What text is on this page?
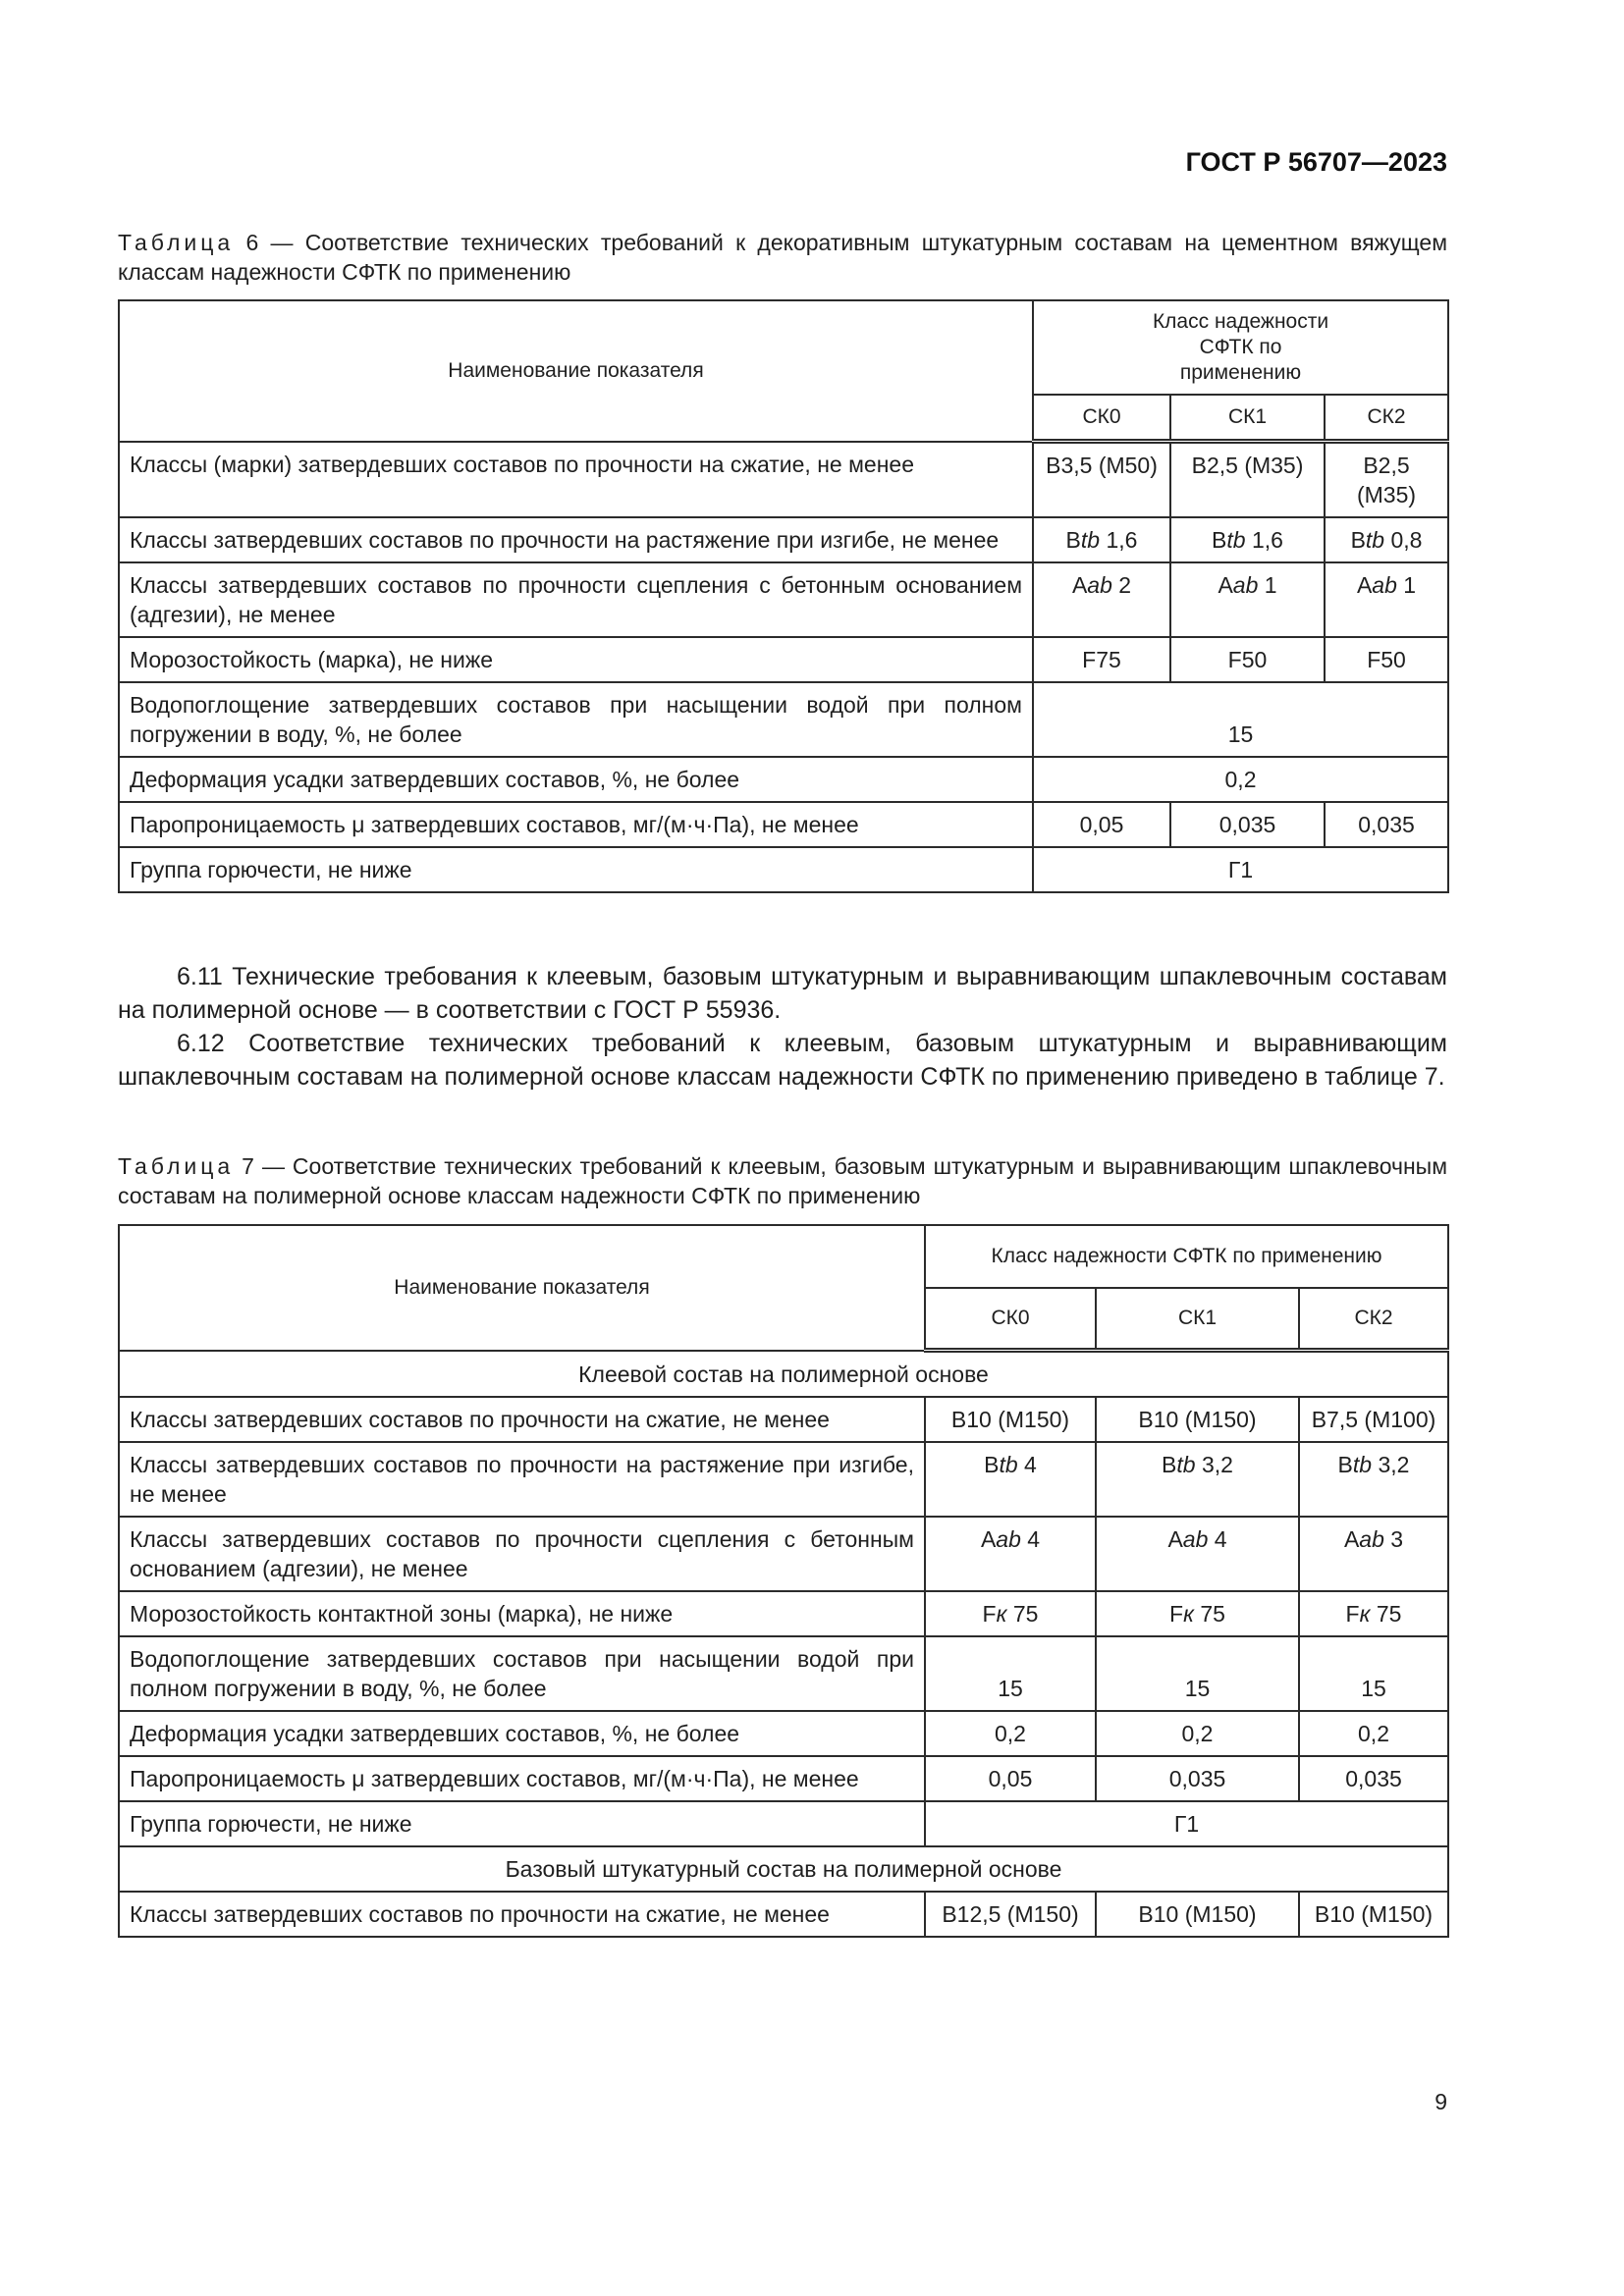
ГОСТ Р 56707—2023
Таблица 6 — Соответствие технических требований к декоративным штукатурным составам на цементном вяжущем классам надежности СФТК по применению
Наименование показателя	Класс надежности СФТК по применению		

	СК0	СК1	СК2
Классы (марки) затвердевших составов по прочности на сжатие, не менее	В3,5 (М50)	В2,5 (М35)	В2,5 (М35)
Классы затвердевших составов по прочности на растяжение при изгибе, не менее	Вtb 1,6	Вtb 1,6	Вtb 0,8
Классы затвердевших составов по прочности сцепления с бетонным основанием (адгезии), не менее	Aab 2	Aab 1	Aab 1
Морозостойкость (марка), не ниже	F75	F50	F50
Водопоглощение затвердевших составов при насыщении водой при полном погружении в воду, %, не более	15		
Деформация усадки затвердевших составов, %, не более	0,2		
Паропроницаемость μ затвердевших составов, мг/(м·ч·Па), не менее	0,05	0,035	0,035
Группа горючести, не ниже	Г1		

6.11 Технические требования к клеевым, базовым штукатурным и выравнивающим шпаклевочным составам на полимерной основе — в соответствии с ГОСТ Р 55936.

6.12 Соответствие технических требований к клеевым, базовым штукатурным и выравнивающим шпаклевочным составам на полимерной основе классам надежности СФТК по применению приведено в таблице 7.

Таблица 7 — Соответствие технических требований к клеевым, базовым штукатурным и выравнивающим шпаклевочным составам на полимерной основе классам надежности СФТК по применению
Наименование показателя	Класс надежности СФТК по применению		
	СК0	СК1	СК2
Клеевой состав на полимерной основе			
Классы затвердевших составов по прочности на сжатие, не менее	В10 (М150)	В10 (М150)	В7,5 (М100)
Классы затвердевших составов по прочности на растяжение при изгибе, не менее	Вtb 4	Вtb 3,2	Вtb 3,2
Классы затвердевших составов по прочности сцепления с бетонным основанием (адгезии), не менее	Aab 4	Aab 4	Aab 3
Морозостойкость контактной зоны (марка), не ниже	Fк 75	Fк 75	Fк 75
Водопоглощение затвердевших составов при насыщении водой при полном погружении в воду, %, не более	15	15	15
Деформация усадки затвердевших составов, %, не более	0,2	0,2	0,2
Паропроницаемость μ затвердевших составов, мг/(м·ч·Па), не менее	0,05	0,035	0,035
Группа горючести, не ниже	Г1		
Базовый штукатурный состав на полимерной основе			
Классы затвердевших составов по прочности на сжатие, не менее	В12,5 (М150)	В10 (М150)	В10 (М150)
9
